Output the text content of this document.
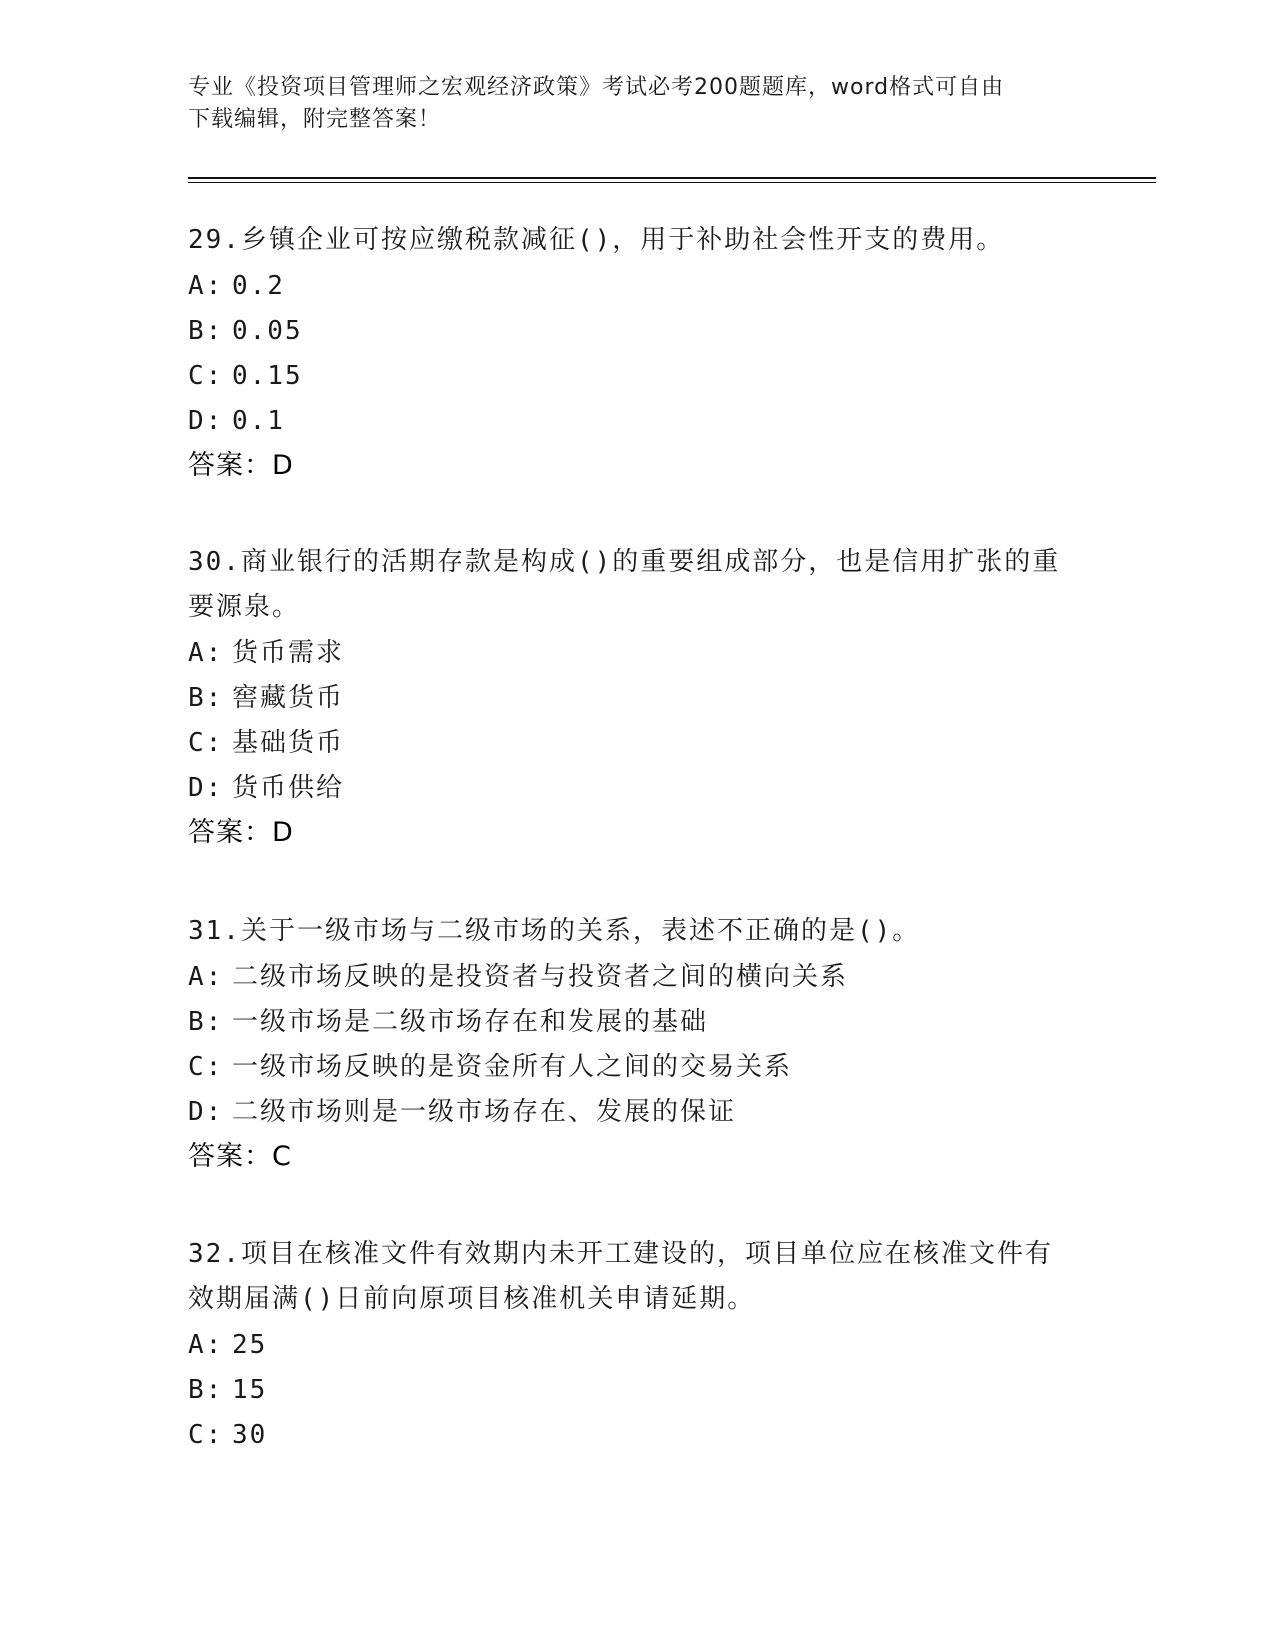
专业《投资项目管理师之宏观经济政策》考试必考200题题库，word格式可自由
下载编辑，附完整答案！
29.乡镇企业可按应缴税款减征()，用于补助社会性开支的费用。
A: 0.2
B: 0.05
C: 0.15
D: 0.1
答案：D
30.商业银行的活期存款是构成()的重要组成部分，也是信用扩张的重
要源泉。
A: 货币需求
B: 窖藏货币
C: 基础货币
D: 货币供给
答案：D
31.关于一级市场与二级市场的关系，表述不正确的是()。
A: 二级市场反映的是投资者与投资者之间的横向关系
B: 一级市场是二级市场存在和发展的基础
C: 一级市场反映的是资金所有人之间的交易关系
D: 二级市场则是一级市场存在、发展的保证
答案：C
32.项目在核准文件有效期内未开工建设的，项目单位应在核准文件有
效期届满()日前向原项目核准机关申请延期。
A: 25
B: 15
C: 30
